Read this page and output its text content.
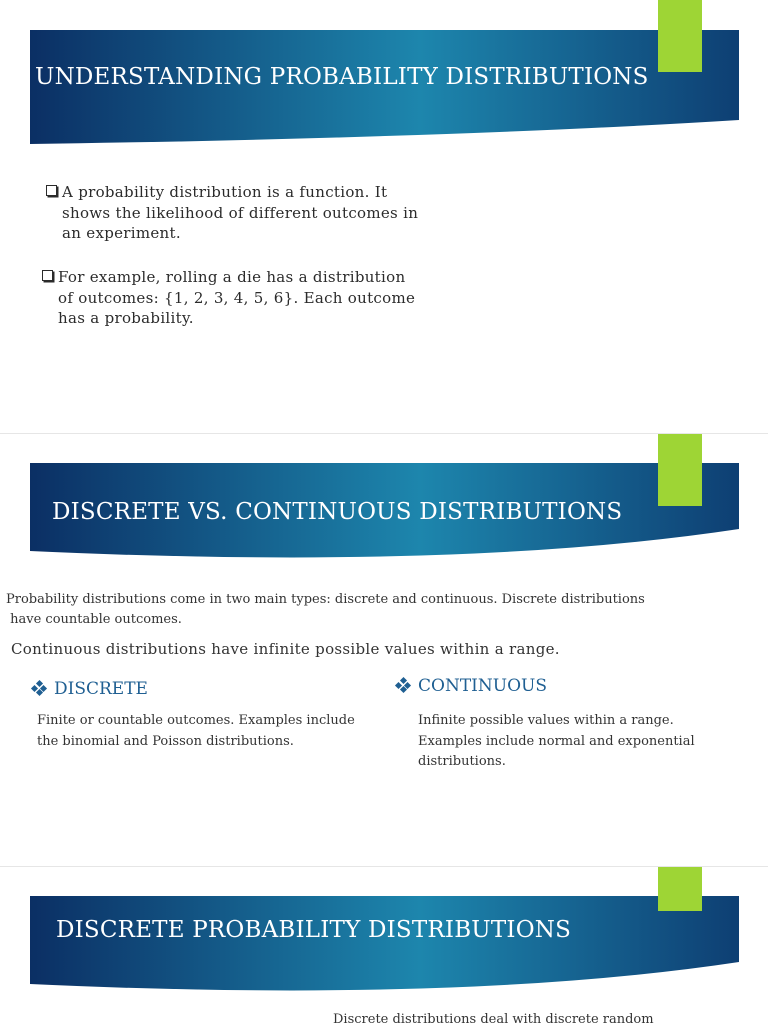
UNDERSTANDING PROBABILITY DISTRIBUTIONS
A probability distribution is a function. It
shows the likelihood of different outcomes in
an experiment.
For example, rolling a die has a distribution
of outcomes: {1, 2, 3, 4, 5, 6}. Each outcome
has a probability.
DISCRETE VS. CONTINUOUS DISTRIBUTIONS
Probability distributions come in two main types: discrete and continuous. Discrete distributions
have countable outcomes.
Continuous distributions have infinite possible values within a range.
DISCRETE
Finite or countable outcomes. Examples include
the binomial and Poisson distributions.
CONTINUOUS
Infinite possible values within a range.
Examples include normal and exponential
distributions.
DISCRETE PROBABILITY DISTRIBUTIONS
Discrete distributions deal with discrete random
